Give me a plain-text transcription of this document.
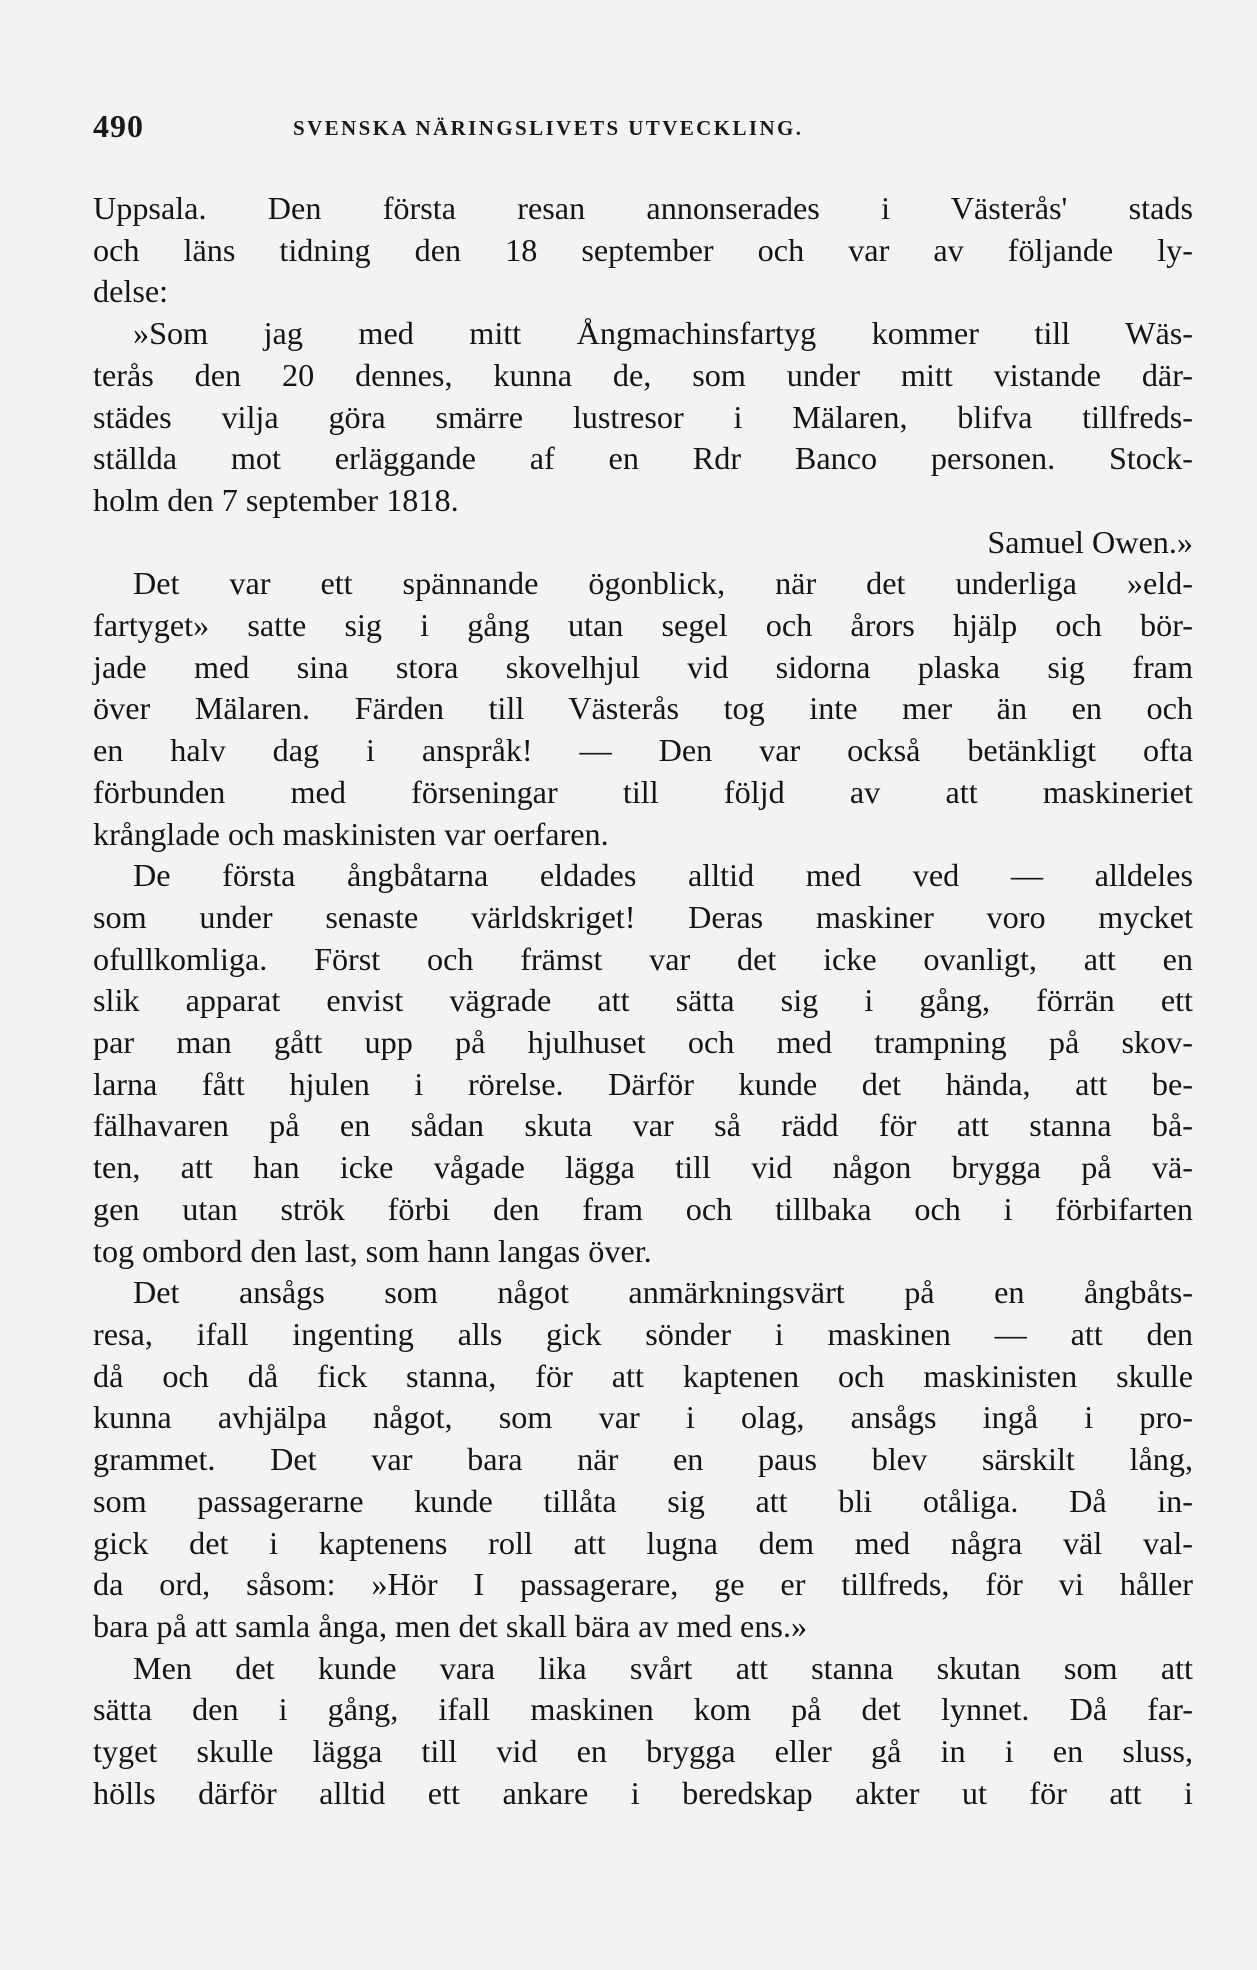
490	SVENSKA NÄRINGSLIVETS UTVECKLING.

Uppsala. Den första resan annonserades i Västerås' stads

och läns tidning den 18 september och var av följande ly-

delse:

»Som jag med mitt Ångmachinsfartyg kommer till Wäs-

terås den 20 dennes, kunna de, som under mitt vistande där-

städes vilja göra smärre lustresor i Mälaren, blifva tillfreds-

ställda mot erläggande af en Rdr Banco personen. Stock-

holm den 7 september 1818.

Samuel Owen.»

Det var ett spännande ögonblick, när det underliga »eld-

fartyget» satte sig i gång utan segel och årors hjälp och bör-

jade med sina stora skovelhjul vid sidorna plaska sig fram

över Mälaren. Färden till Västerås tog inte mer än en och

en halv dag i anspråk! — Den var också betänkligt ofta

förbunden med förseningar till följd av att maskineriet

krånglade och maskinisten var oerfaren.

De första ångbåtarna eldades alltid med ved — alldeles

som under senaste världskriget! Deras maskiner voro mycket

ofullkomliga. Först och främst var det icke ovanligt, att en

slik apparat envist vägrade att sätta sig i gång, förrän ett

par man gått upp på hjulhuset och med trampning på skov-

larna fått hjulen i rörelse. Därför kunde det hända, att be-

fälhavaren på en sådan skuta var så rädd för att stanna bå-

ten, att han icke vågade lägga till vid någon brygga på vä-

gen utan strök förbi den fram och tillbaka och i förbifarten

tog ombord den last, som hann langas över.

Det ansågs som något anmärkningsvärt på en ångbåts-

resa, ifall ingenting alls gick sönder i maskinen — att den

då och då fick stanna, för att kaptenen och maskinisten skulle

kunna avhjälpa något, som var i olag, ansågs ingå i pro-

grammet. Det var bara när en paus blev särskilt lång,

som passagerarne kunde tillåta sig att bli otåliga. Då in-

gick det i kaptenens roll att lugna dem med några väl val-

da ord, såsom: »Hör I passagerare, ge er tillfreds, för vi håller

bara på att samla ånga, men det skall bära av med ens.»

Men det kunde vara lika svårt att stanna skutan som att

sätta den i gång, ifall maskinen kom på det lynnet. Då far-

tyget skulle lägga till vid en brygga eller gå in i en sluss,

hölls därför alltid ett ankare i beredskap akter ut för att i
